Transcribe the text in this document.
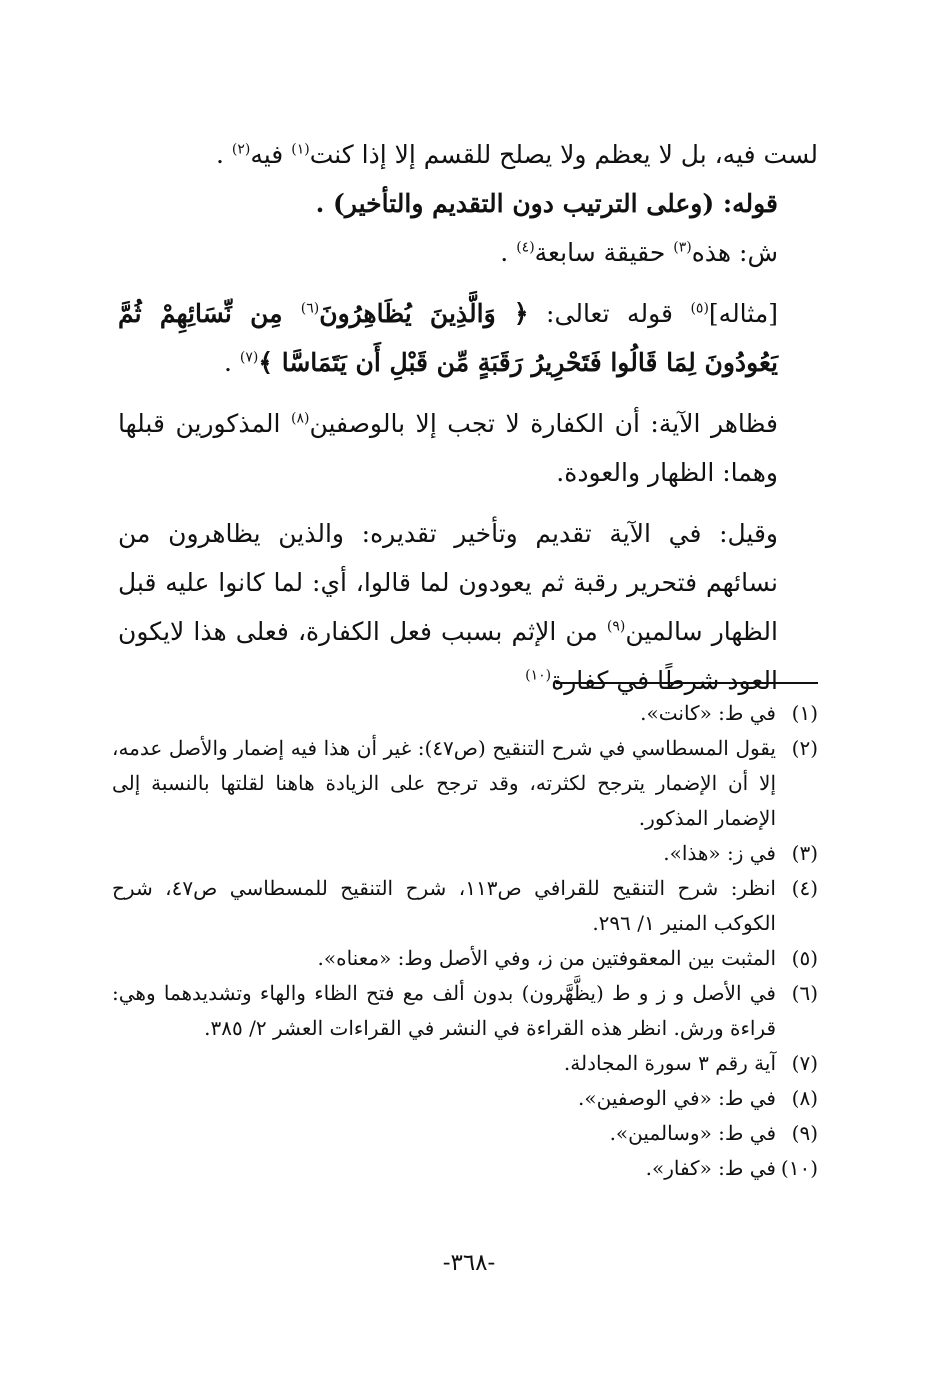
لست فيه، بل لا يعظم ولا يصلح للقسم إلا إذا كنت$^{(١)}$ فيه$^{(٢)}$ .

قوله: (وعلى الترتيب دون التقديم والتأخير) .

ش: هذه$^{(٣)}$ حقيقة سابعة$^{(٤)}$ .

[مثاله]$^{(٥)}$ قوله تعالى: ﴿ وَالَّذِينَ يُظَاهِرُونَ$^{(٦)}$ مِن نِّسَائِهِمْ ثُمَّ يَعُودُونَ لِمَا قَالُوا فَتَحْرِيرُ رَقَبَةٍ مِّن قَبْلِ أَن يَتَمَاسَّا ﴾$^{(٧)}$ .

فظاهر الآية: أن الكفارة لا تجب إلا بالوصفين$^{(٨)}$ المذكورين قبلها وهما: الظهار والعودة.

وقيل: في الآية تقديم وتأخير تقديره: والذين يظاهرون من نسائهم فتحرير رقبة ثم يعودون لما قالوا، أي: لما كانوا عليه قبل الظهار سالمين$^{(٩)}$ من الإثم بسبب فعل الكفارة، فعلى هذا لايكون العود شرطًا في كفارة$^{(١٠)}$

(١)
في ط: «كانت».

(٢)
يقول المسطاسي في شرح التنقيح (ص٤٧): غير أن هذا فيه إضمار والأصل عدمه، إلا أن الإضمار يترجح لكثرته، وقد ترجح على الزيادة هاهنا لقلتها بالنسبة إلى الإضمار المذكور.

(٣)
في ز: «هذا».

(٤)
انظر: شرح التنقيح للقرافي ص١١٣، شرح التنقيح للمسطاسي ص٤٧، شرح الكوكب المنير ١/ ٢٩٦.

(٥)
المثبت بين المعقوفتين من ز، وفي الأصل وط: «معناه».

(٦)
في الأصل و ز و ط (يظَّهَّرون) بدون ألف مع فتح الظاء والهاء وتشديدهما وهي: قراءة ورش. انظر هذه القراءة في النشر في القراءات العشر ٢/ ٣٨٥.

(٧)
آية رقم ٣ سورة المجادلة.

(٨)
في ط: «في الوصفين».

(٩)
في ط: «وسالمين».

(١٠)
في ط: «كفار».

-٣٦٨-
